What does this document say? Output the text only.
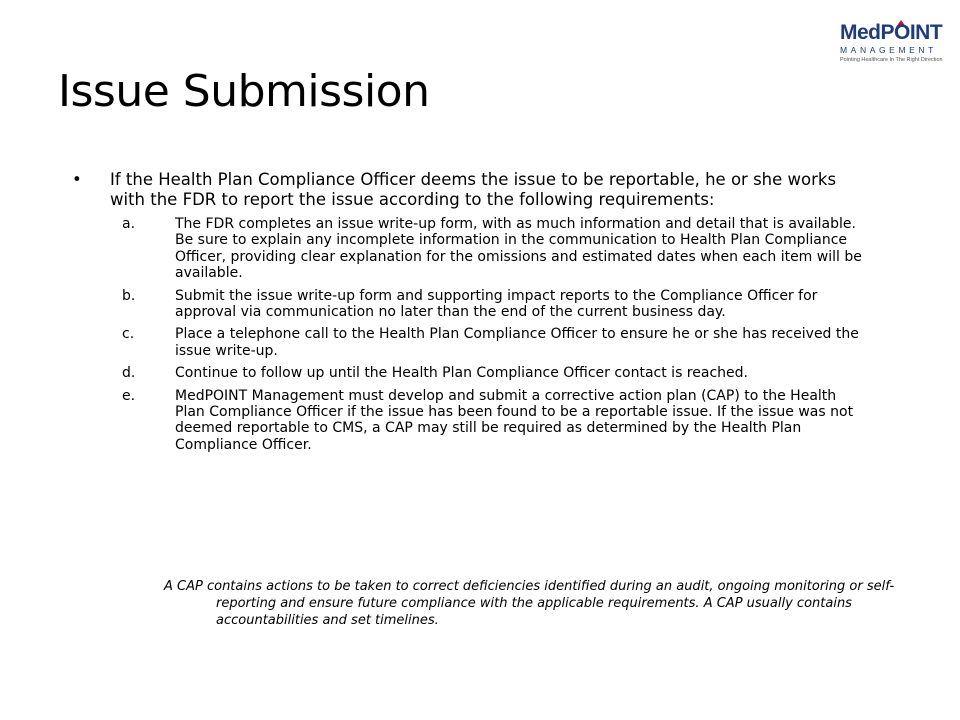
MedPOINT
MANAGEMENT
Pointing Healthcare In The Right Direction
Issue Submission
• If the Health Plan Compliance Officer deems the issue to be reportable, he or she works with the FDR to report the issue according to the following requirements:
a.	The FDR completes an issue write-up form, with as much information and detail that is available. Be sure to explain any incomplete information in the communication to Health Plan Compliance Officer, providing clear explanation for the omissions and estimated dates when each item will be available.
b.	Submit the issue write-up form and supporting impact reports to the Compliance Officer for approval via communication no later than the end of the current business day.
c.	Place a telephone call to the Health Plan Compliance Officer to ensure he or she has received the issue write-up.
d.	Continue to follow up until the Health Plan Compliance Officer contact is reached.
e.	MedPOINT Management must develop and submit a corrective action plan (CAP) to the Health Plan Compliance Officer if the issue has been found to be a reportable issue. If the issue was not deemed reportable to CMS, a CAP may still be required as determined by the Health Plan Compliance Officer.
A CAP contains actions to be taken to correct deficiencies identified during an audit, ongoing monitoring or self-reporting and ensure future compliance with the applicable requirements. A CAP usually contains accountabilities and set timelines.
